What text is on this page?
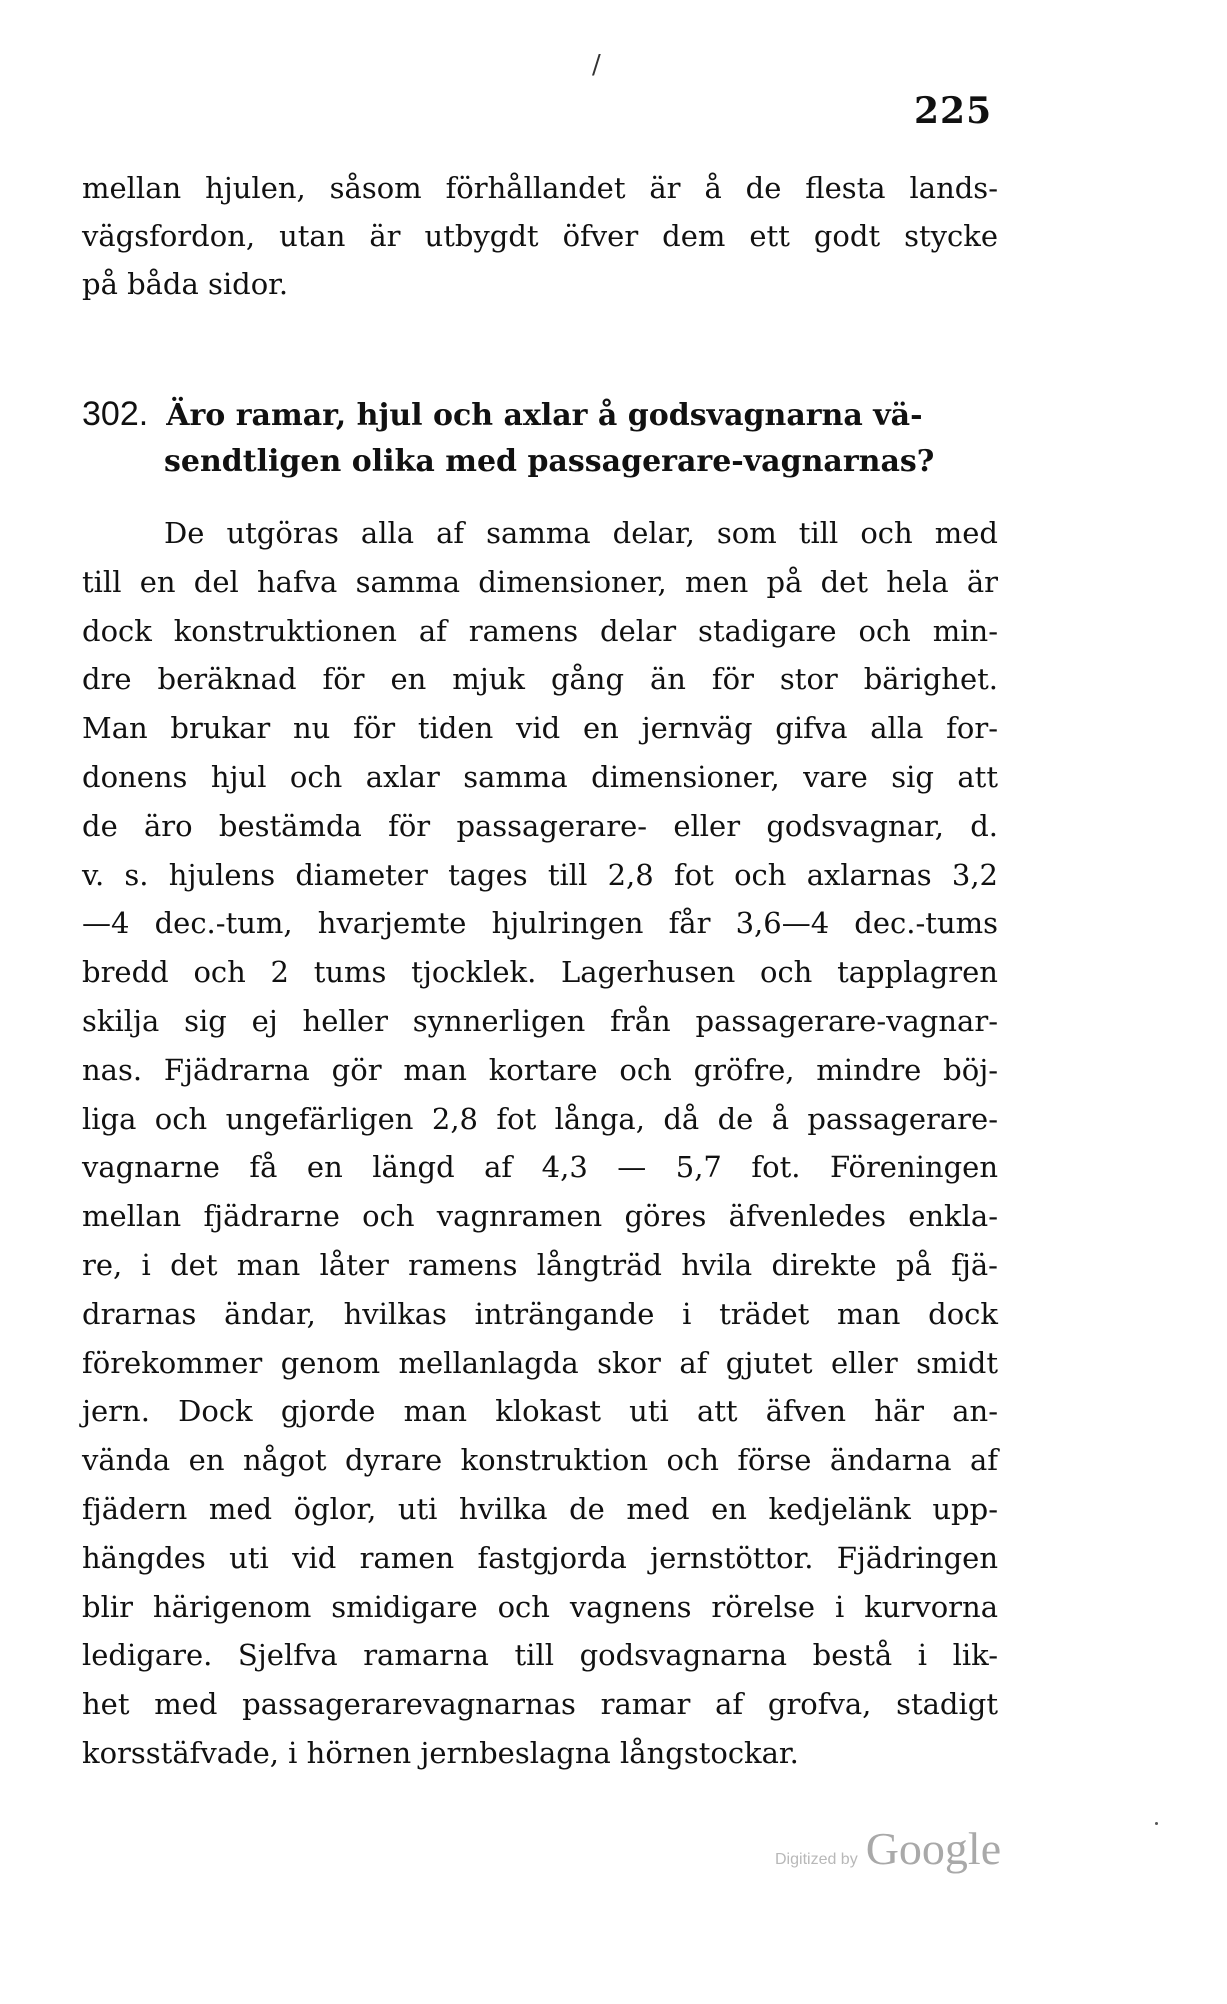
/
225
mellan hjulen, såsom förhållandet är å de flesta lands-
vägsfordon, utan är utbygdt öfver dem ett godt stycke
på båda sidor.
302. Äro ramar, hjul och axlar å godsvagnarna vä-
sendtligen olika med passagerare-vagnarnas?
De utgöras alla af samma delar, som till och med
till en del hafva samma dimensioner, men på det hela är
dock konstruktionen af ramens delar stadigare och min-
dre beräknad för en mjuk gång än för stor bärighet.
Man brukar nu för tiden vid en jernväg gifva alla for-
donens hjul och axlar samma dimensioner, vare sig att
de äro bestämda för passagerare- eller godsvagnar, d.
v. s. hjulens diameter tages till 2,8 fot och axlarnas 3,2
—4 dec.-tum, hvarjemte hjulringen får 3,6—4 dec.-tums
bredd och 2 tums tjocklek. Lagerhusen och tapplagren
skilja sig ej heller synnerligen från passagerare-vagnar-
nas. Fjädrarna gör man kortare och gröfre, mindre böj-
liga och ungefärligen 2,8 fot långa, då de å passagerare-
vagnarne få en längd af 4,3 — 5,7 fot. Föreningen
mellan fjädrarne och vagnramen göres äfvenledes enkla-
re, i det man låter ramens långträd hvila direkte på fjä-
drarnas ändar, hvilkas inträngande i trädet man dock
förekommer genom mellanlagda skor af gjutet eller smidt
jern. Dock gjorde man klokast uti att äfven här an-
vända en något dyrare konstruktion och förse ändarna af
fjädern med öglor, uti hvilka de med en kedjelänk upp-
hängdes uti vid ramen fastgjorda jernstöttor. Fjädringen
blir härigenom smidigare och vagnens rörelse i kurvorna
ledigare. Sjelfva ramarna till godsvagnarna bestå i lik-
het med passagerarevagnarnas ramar af grofva, stadigt
korsstäfvade, i hörnen jernbeslagna långstockar.
Digitized by Google
